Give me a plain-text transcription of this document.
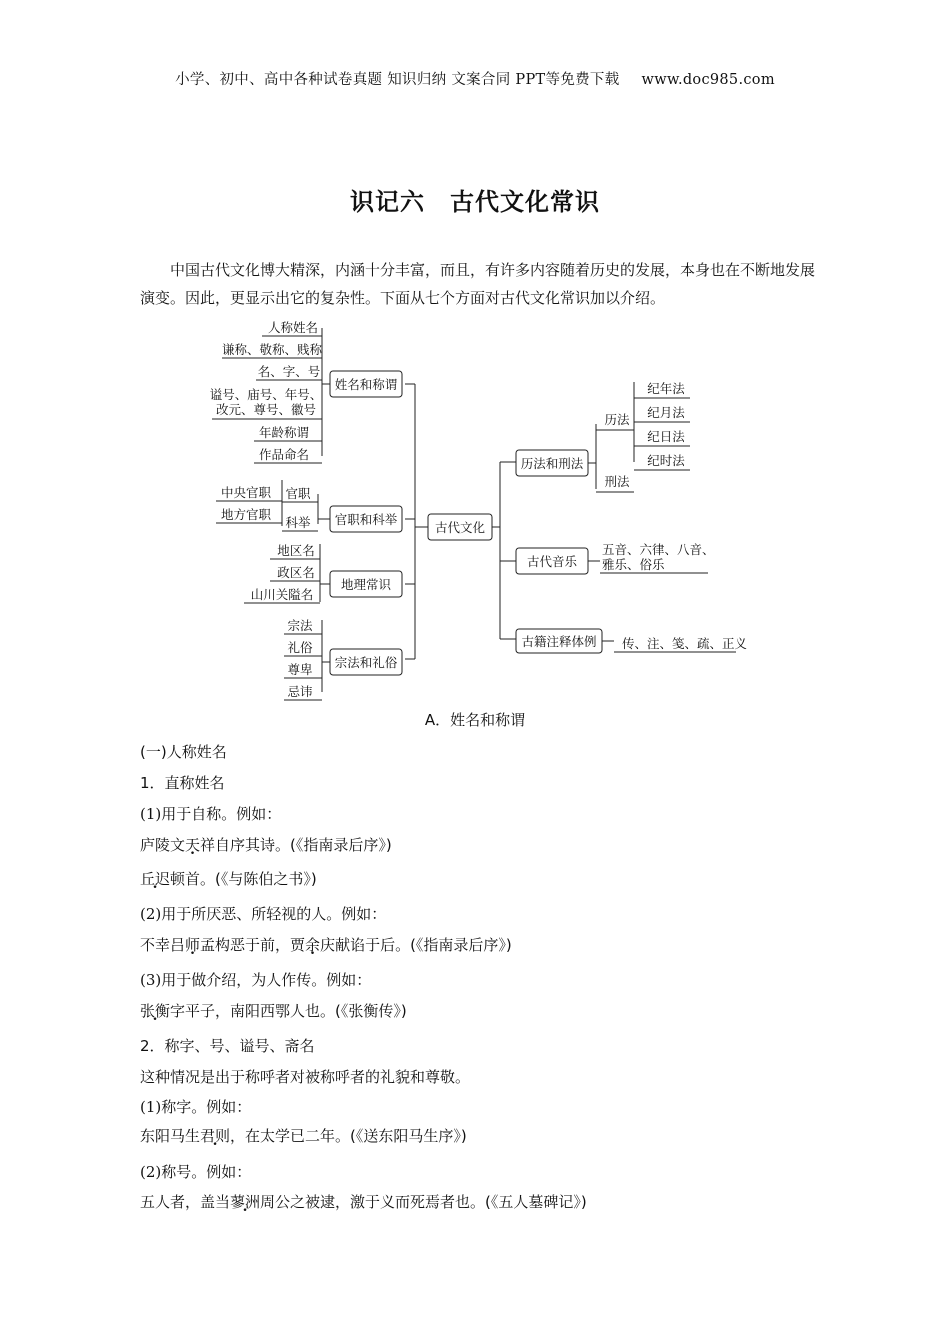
小学、初中、高中各种试卷真题 知识归纳 文案合同 PPT等免费下载 www.doc985.com
识记六　古代文化常识

中国古代文化博大精深，内涵十分丰富，而且，有许多内容随着历史的发展，本身也在不断地发展演变。因此，更显示出它的复杂性。下面从七个方面对古代文化常识加以介绍。

古代文化
姓名和称谓
人称姓名
谦称、敬称、贱称
名、字、号
谥号、庙号、年号、
改元、尊号、徽号
年龄称谓
作品命名
官职和科举
官职
科举
中央官职
地方官职
地理常识
地区名
政区名
山川关隘名
宗法和礼俗
宗法
礼俗
尊卑
忌讳
历法和刑法
历法
刑法
纪年法
纪月法
纪日法
纪时法
古代音乐
五音、六律、八音、
雅乐、俗乐
古籍注释体例 传、注、笺、疏、正义
A．姓名和称谓
(一)人称姓名
1．直称姓名
(1)用于自称。例如：
庐陵文天祥自序其诗。(《指南录后序》)
丘迟顿首。(《与陈伯之书》)
(2)用于所厌恶、所轻视的人。例如：
不幸吕师孟构恶于前，贾余庆献谄于后。(《指南录后序》)
(3)用于做介绍，为人作传。例如：
张衡字平子，南阳西鄂人也。(《张衡传》)
2．称字、号、谥号、斋名
这种情况是出于称呼者对被称呼者的礼貌和尊敬。
(1)称字。例如：
东阳马生君则，在太学已二年。(《送东阳马生序》)
(2)称号。例如：
五人者，盖当蓼洲周公之被逮，激于义而死焉者也。(《五人墓碑记》)
